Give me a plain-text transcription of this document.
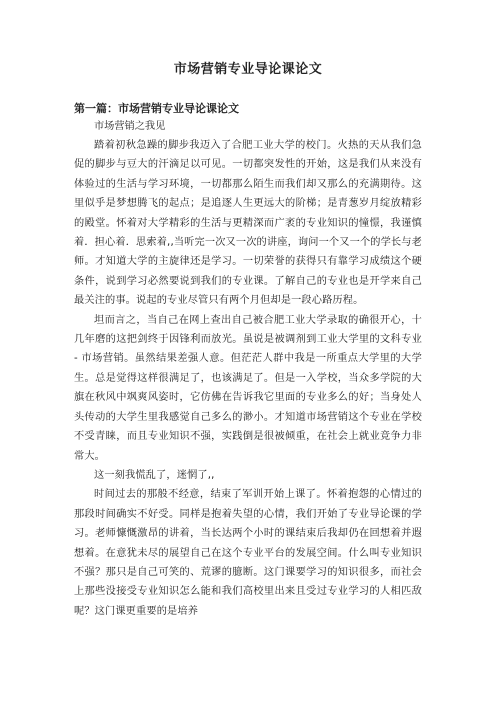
市场营销专业导论课论文
第一篇：市场营销专业导论课论文
市场营销之我见

踏着初秋急躁的脚步我迈入了合肥工业大学的校门。火热的天从我们急促的脚步与豆大的汗滴足以可见。一切都突发性的开始，这是我们从来没有体验过的生活与学习环境，一切都那么陌生而我们却又那么的充满期待。这里似乎是梦想腾飞的起点；是追逐人生更远大的阶梯；是青葱岁月绽放精彩的殿堂。怀着对大学精彩的生活与更精深而广袤的专业知识的憧憬，我谨慎着．担心着．思索着,,当听完一次又一次的讲座，询问一个又一个的学长与老师。才知道大学的主旋律还是学习。一切荣誉的获得只有靠学习成绩这个硬条件，说到学习必然要说到我们的专业课。了解自己的专业也是开学来自己最关注的事。说起的专业尽管只有两个月但却是一段心路历程。

坦而言之，当自己在网上查出自己被合肥工业大学录取的确很开心，十几年磨的这把剑终于因锋利而放光。虽说是被调剂到工业大学里的文科专业 - 市场营销。虽然结果差强人意。但茫茫人群中我是一所重点大学里的大学生。总是觉得这样很满足了，也该满足了。但是一入学校，当众多学院的大旗在秋风中飒爽风姿时，它仿佛在告诉我它里面的专业多么的好；当身处人头传动的大学生里我感觉自己多么的渺小。才知道市场营销这个专业在学校不受青睐，而且专业知识不强，实践倒是很被倾重，在社会上就业竞争力非常大。

这一刻我慌乱了，迷惘了,,

时间过去的那般不经意，结束了军训开始上课了。怀着抱怨的心情过的那段时间确实不好受。同样是抱着失望的心情，我们开始了专业导论课的学习。老师慷慨激昂的讲着，当长达两个小时的课结束后我却仍在回想着并遐想着。在意犹未尽的展望自己在这个专业平台的发展空间。什么叫专业知识不强？那只是自己可笑的、荒谬的臆断。这门课要学习的知识很多，而社会上那些没接受专业知识怎么能和我们高校里出来且受过专业学习的人相匹敌呢？这门课更重要的是培养
